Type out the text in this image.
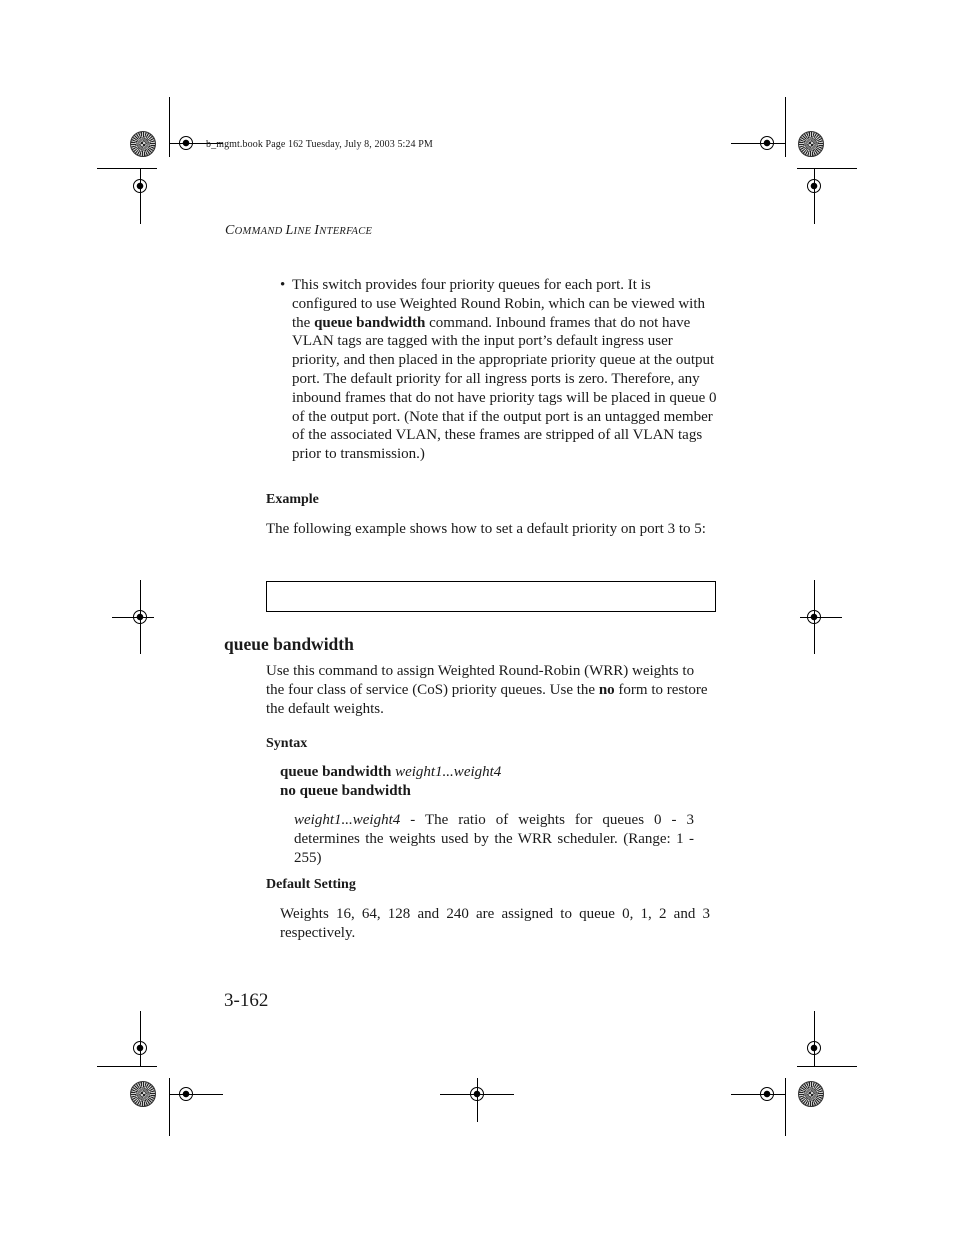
b_mgmt.book Page 162 Tuesday, July 8, 2003 5:24 PM
COMMAND LINE INTERFACE
• This switch provides four priority queues for each port. It is configured to use Weighted Round Robin, which can be viewed with the queue bandwidth command. Inbound frames that do not have VLAN tags are tagged with the input port’s default ingress user priority, and then placed in the appropriate priority queue at the output port. The default priority for all ingress ports is zero. Therefore, any inbound frames that do not have priority tags will be placed in queue 0 of the output port. (Note that if the output port is an untagged member of the associated VLAN, these frames are stripped of all VLAN tags prior to transmission.)
Example
The following example shows how to set a default priority on port 3 to 5:
queue bandwidth
Use this command to assign Weighted Round-Robin (WRR) weights to the four class of service (CoS) priority queues. Use the no form to restore the default weights.
Syntax
queue bandwidth weight1...weight4
no queue bandwidth
weight1...weight4 - The ratio of weights for queues 0 - 3 determines the weights used by the WRR scheduler. (Range: 1 - 255)
Default Setting
Weights 16, 64, 128 and 240 are assigned to queue 0, 1, 2 and 3 respectively.
3-162
